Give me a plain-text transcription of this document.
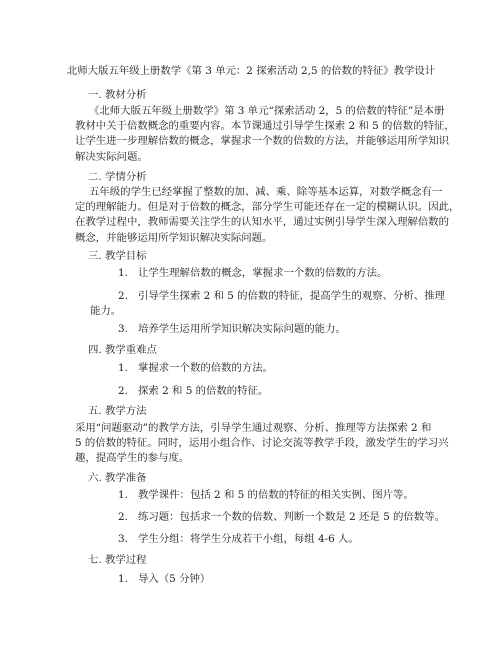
北师大版五年级上册数学《第 3 单元：2 探索活动 2,5 的倍数的特征》教学设计
一. 教材分析
《北师大版五年级上册数学》第 3 单元“探索活动 2，5 的倍数的特征”是本册
教材中关于倍数概念的重要内容。本节课通过引导学生探索 2 和 5 的倍数的特征，
让学生进一步理解倍数的概念，掌握求一个数的倍数的方法，并能够运用所学知识
解决实际问题。
二. 学情分析
五年级的学生已经掌握了整数的加、减、乘、除等基本运算，对数学概念有一
定的理解能力。但是对于倍数的概念，部分学生可能还存在一定的模糊认识。因此，
在教学过程中，教师需要关注学生的认知水平，通过实例引导学生深入理解倍数的
概念，并能够运用所学知识解决实际问题。
三. 教学目标
1. 让学生理解倍数的概念，掌握求一个数的倍数的方法。
2. 引导学生探索 2 和 5 的倍数的特征，提高学生的观察、分析、推理
能力。
3. 培养学生运用所学知识解决实际问题的能力。
四. 教学重难点
1. 掌握求一个数的倍数的方法。
2. 探索 2 和 5 的倍数的特征。
五. 教学方法
采用“问题驱动”的教学方法，引导学生通过观察、分析、推理等方法探索 2 和
5 的倍数的特征。同时，运用小组合作、讨论交流等教学手段，激发学生的学习兴
趣，提高学生的参与度。
六. 教学准备
1. 教学课件：包括 2 和 5 的倍数的特征的相关实例、图片等。
2. 练习题：包括求一个数的倍数、判断一个数是 2 还是 5 的倍数等。
3. 学生分组：将学生分成若干小组，每组 4-6 人。
七. 教学过程
1. 导入（5 分钟）
